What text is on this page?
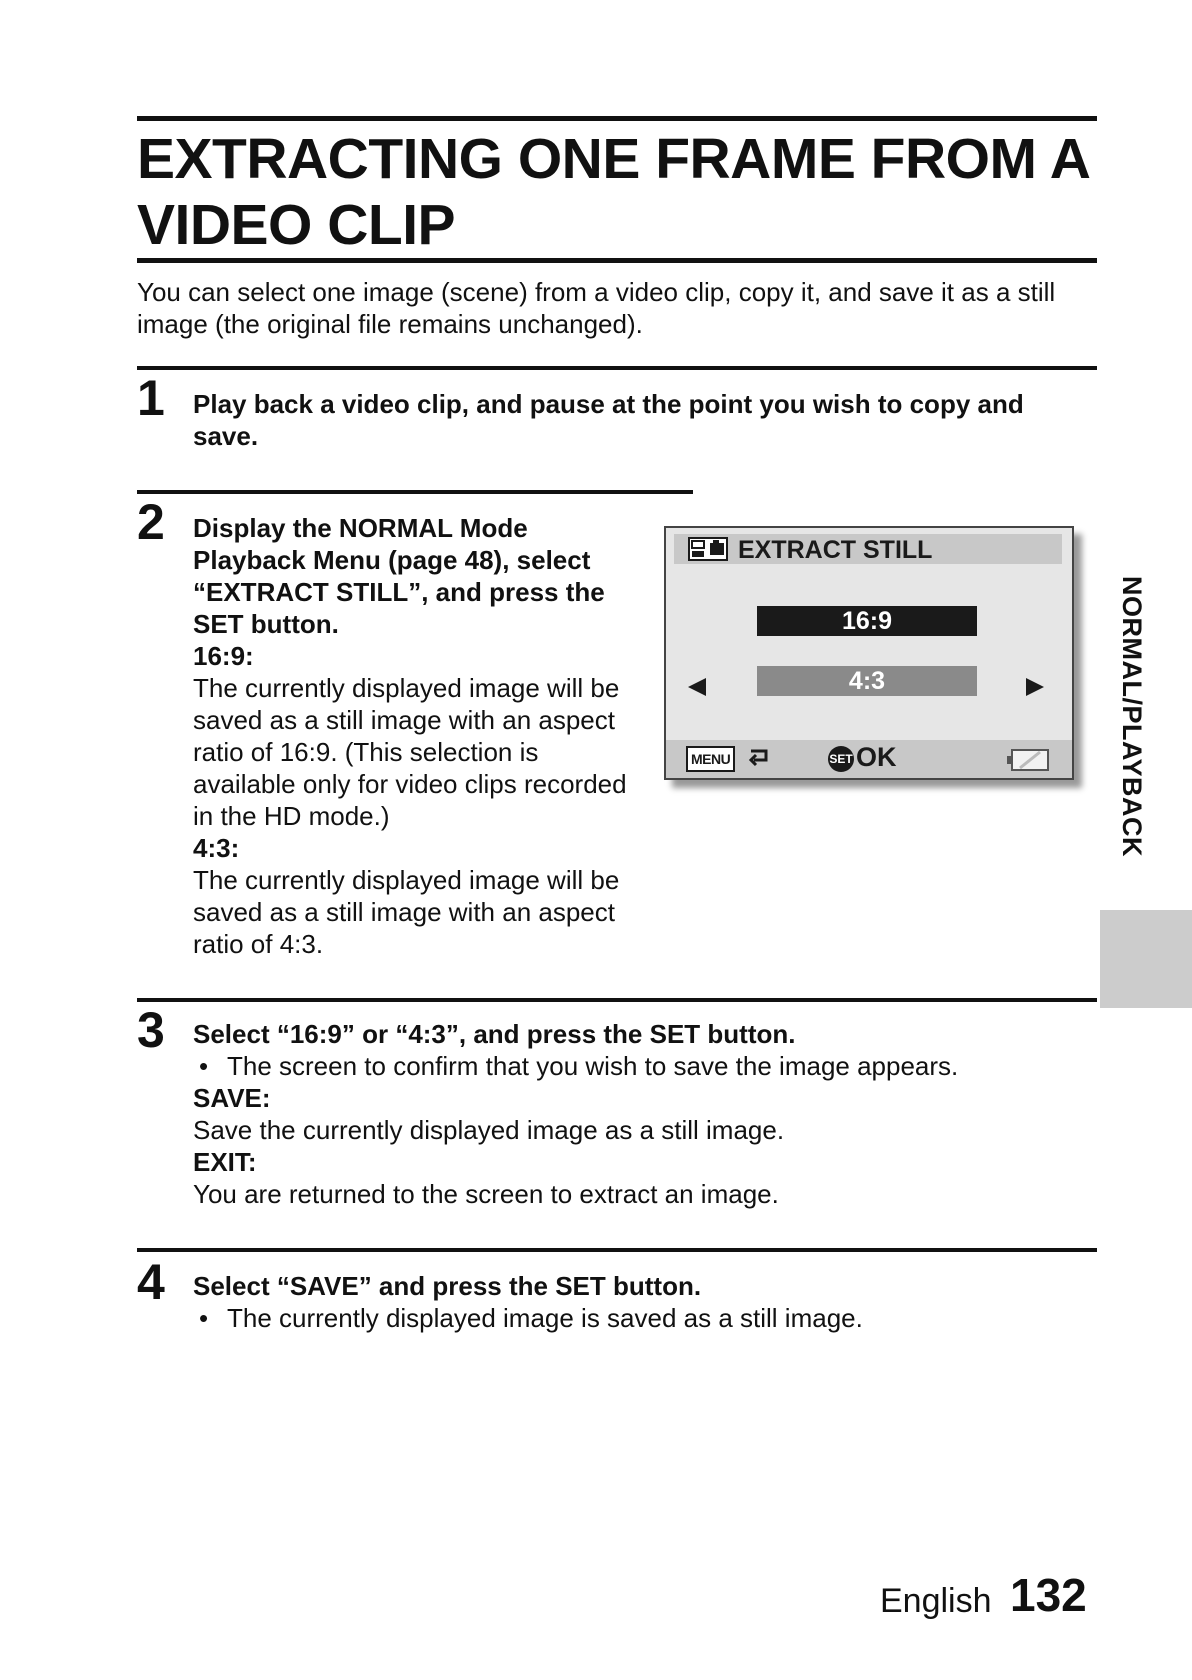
EXTRACTING ONE FRAME FROM A VIDEO CLIP
You can select one image (scene) from a video clip, copy it, and save it as a still image (the original file remains unchanged).
1 Play back a video clip, and pause at the point you wish to copy and save.
2 Display the NORMAL Mode Playback Menu (page 48), select “EXTRACT STILL”, and press the SET button.
16:9:
The currently displayed image will be saved as a still image with an aspect ratio of 16:9. (This selection is available only for video clips recorded in the HD mode.)
4:3:
The currently displayed image will be saved as a still image with an aspect ratio of 4:3.
EXTRACT STILL
16:9
4:3
MENU	SET OK
3 Select “16:9” or “4:3”, and press the SET button.
• The screen to confirm that you wish to save the image appears.
SAVE:
Save the currently displayed image as a still image.
EXIT:
You are returned to the screen to extract an image.
4 Select “SAVE” and press the SET button.
• The currently displayed image is saved as a still image.
NORMAL/PLAYBACK
English 132
